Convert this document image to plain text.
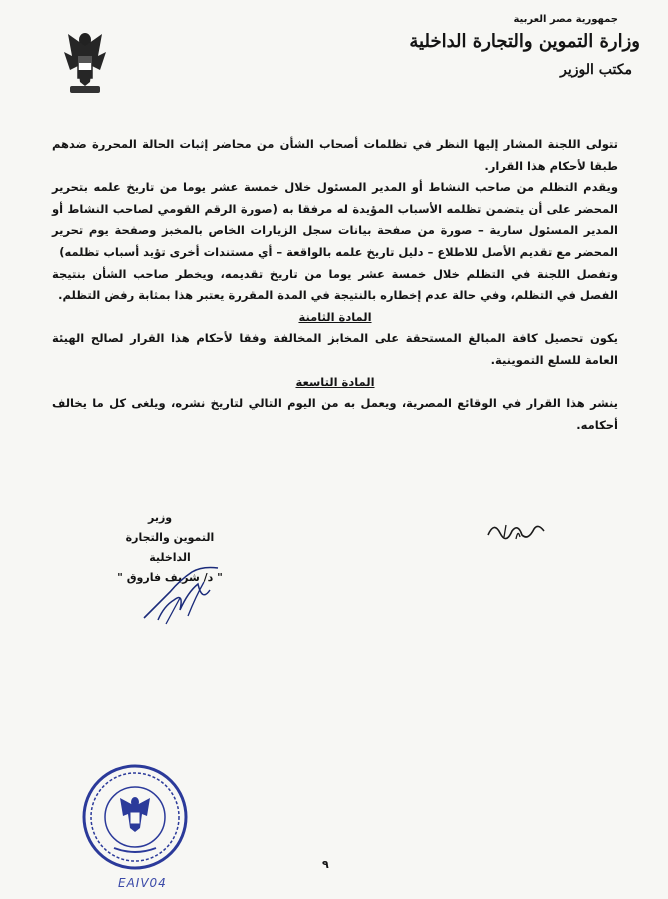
جمهورية مصر العربية
وزارة التموين والتجارة الداخلية
مكتب الوزير

تتولى اللجنة المشار إليها النظر في تظلمات أصحاب الشأن من محاضر إثبات الحالة المحررة ضدهم طبقا لأحكام هذا القرار.

ويقدم التظلم من صاحب النشاط أو المدير المسئول خلال خمسة عشر يوما من تاريخ علمه بتحرير المحضر على أن يتضمن تظلمه الأسباب المؤيدة له مرفقا به (صورة الرقم القومي لصاحب النشاط أو المدير المسئول سارية – صورة من صفحة بيانات سجل الزيارات الخاص بالمخبز وصفحة يوم تحرير المحضر مع تقديم الأصل للاطلاع – دليل تاريخ علمه بالواقعة – أي مستندات أخرى تؤيد أسباب تظلمه)

وتفصل اللجنة في التظلم خلال خمسة عشر يوما من تاريخ تقديمه، ويخطر صاحب الشأن بنتيجة الفصل في التظلم، وفي حالة عدم إخطاره بالنتيجة في المدة المقررة يعتبر هذا بمثابة رفض التظلم.

المادة الثامنة

يكون تحصيل كافة المبالغ المستحقة على المخابز المخالفة وفقا لأحكام هذا القرار لصالح الهيئة العامة للسلع التموينية.

المادة التاسعة

ينشر هذا القرار في الوقائع المصرية، ويعمل به من اليوم التالي لتاريخ نشره، ويلغى كل ما يخالف أحكامه.

وزير
التموين والتجارة الداخلية
" د/ شريف فاروق "
٩
EAIV04
